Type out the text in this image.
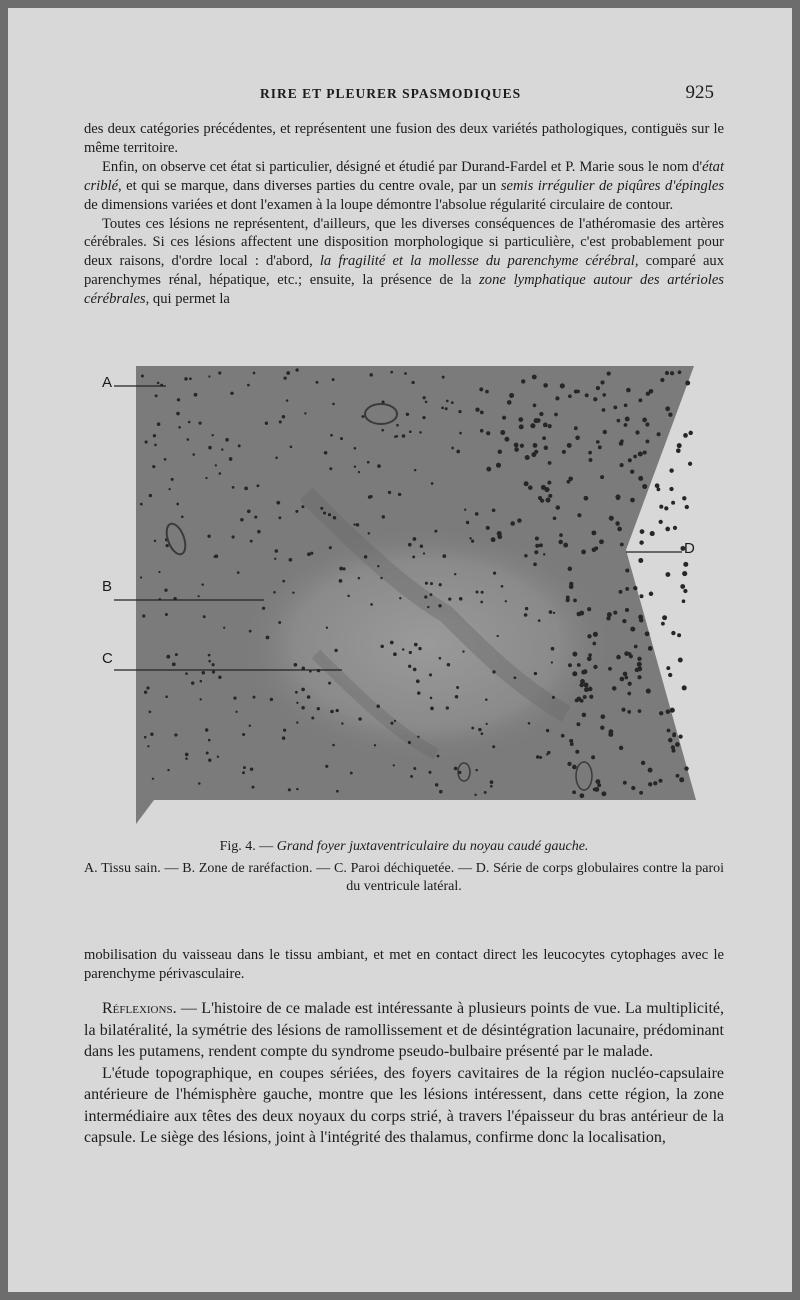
RIRE ET PLEURER SPASMODIQUES	925

des deux catégories précédentes, et représentent une fusion des deux variétés pathologiques, contiguës sur le même territoire.

Enfin, on observe cet état si particulier, désigné et étudié par Durand-Fardel et P. Marie sous le nom d'état criblé, et qui se marque, dans diverses parties du centre ovale, par un semis irrégulier de piqûres d'épingles de dimensions variées et dont l'examen à la loupe démontre l'absolue régularité circulaire de contour.

Toutes ces lésions ne représentent, d'ailleurs, que les diverses conséquences de l'athéromasie des artères cérébrales. Si ces lésions affectent une disposition morphologique si particulière, c'est probablement pour deux raisons, d'ordre local : d'abord, la fragilité et la mollesse du parenchyme cérébral, comparé aux parenchymes rénal, hépatique, etc.; ensuite, la présence de la zone lymphatique autour des artérioles cérébrales, qui permet la

A
B
C
D
Fig. 4. — Grand foyer juxtaventriculaire du noyau caudé gauche.
A. Tissu sain. — B. Zone de raréfaction. — C. Paroi déchiquetée. — D. Série de corps globulaires contre la paroi du ventricule latéral.

mobilisation du vaisseau dans le tissu ambiant, et met en contact direct les leucocytes cytophages avec le parenchyme périvasculaire.

Réflexions. — L'histoire de ce malade est intéressante à plusieurs points de vue. La multiplicité, la bilatéralité, la symétrie des lésions de ramollissement et de désintégration lacunaire, prédominant dans les putamens, rendent compte du syndrome pseudo-bulbaire présenté par le malade.

L'étude topographique, en coupes sériées, des foyers cavitaires de la région nucléo-capsulaire antérieure de l'hémisphère gauche, montre que les lésions intéressent, dans cette région, la zone intermédiaire aux têtes des deux noyaux du corps strié, à travers l'épaisseur du bras antérieur de la capsule. Le siège des lésions, joint à l'intégrité des thalamus, confirme donc la localisation,
